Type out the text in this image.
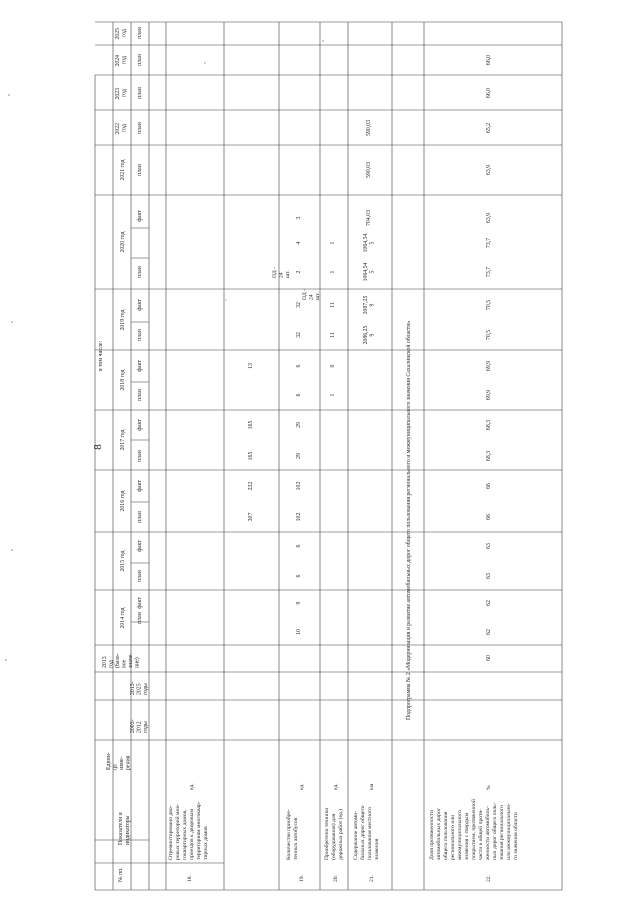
8
в том числе:
№ пп.
Показатели и индикаторы
Едини- ца изме- рения
2003- 2012 годы
2013- 2025 годы
2013 год (базо- вое значе- ние)
2014 год
2015 год
2016 год
2017 год
2018 год
2019 год
2020 год
2021 год
2022 год
2023 год
2024 год
2025 год
план
факт
план
факт
план
факт
план
факт
план
факт
план
факт
план
факт
план
план
план
план
план
18.
Отремонтировано дво- ровых территорий мно- гоквартирных домов, проездов к дворовым территориям многоквар- тирных домов
ед.
19.
Количество приобре- тенных автобусов
ед.
20.
Приобретено техники (оборудования) для дорожных работ (ед.)
ед.
21.
Содержание автомо- бильных дорог общего пользования местного значения
км
Подпрограмма № 2 «Модернизация и развитие автомобильных дорог общего пользования регионального и межмуниципального значения Сахалинской области»
22.
Доля протяженности автомобильных дорог общего пользования регионального или межмуниципального значения с твердым покрытием, протяженной части в общей протя- женности автомобиль- ных дорог общего поль- зования регионального или межмуниципально- го значения области
%
ПД - 24 шт.
ПД - 24 шт.
307
232
165
165
13
10
9
6
6
102
102
29
29
6
6
32
32
2
4
3
1
0
11
11
1
1
2086,259
2087,259
1064,545
1064,545
704,03
590,03
590,03
60
62
62
63
63
66
66
68,3
68,3
69,9
69,9
70,5
70,5
73,7
73,7
63,9
63,9
65,2
66,0
66,0
